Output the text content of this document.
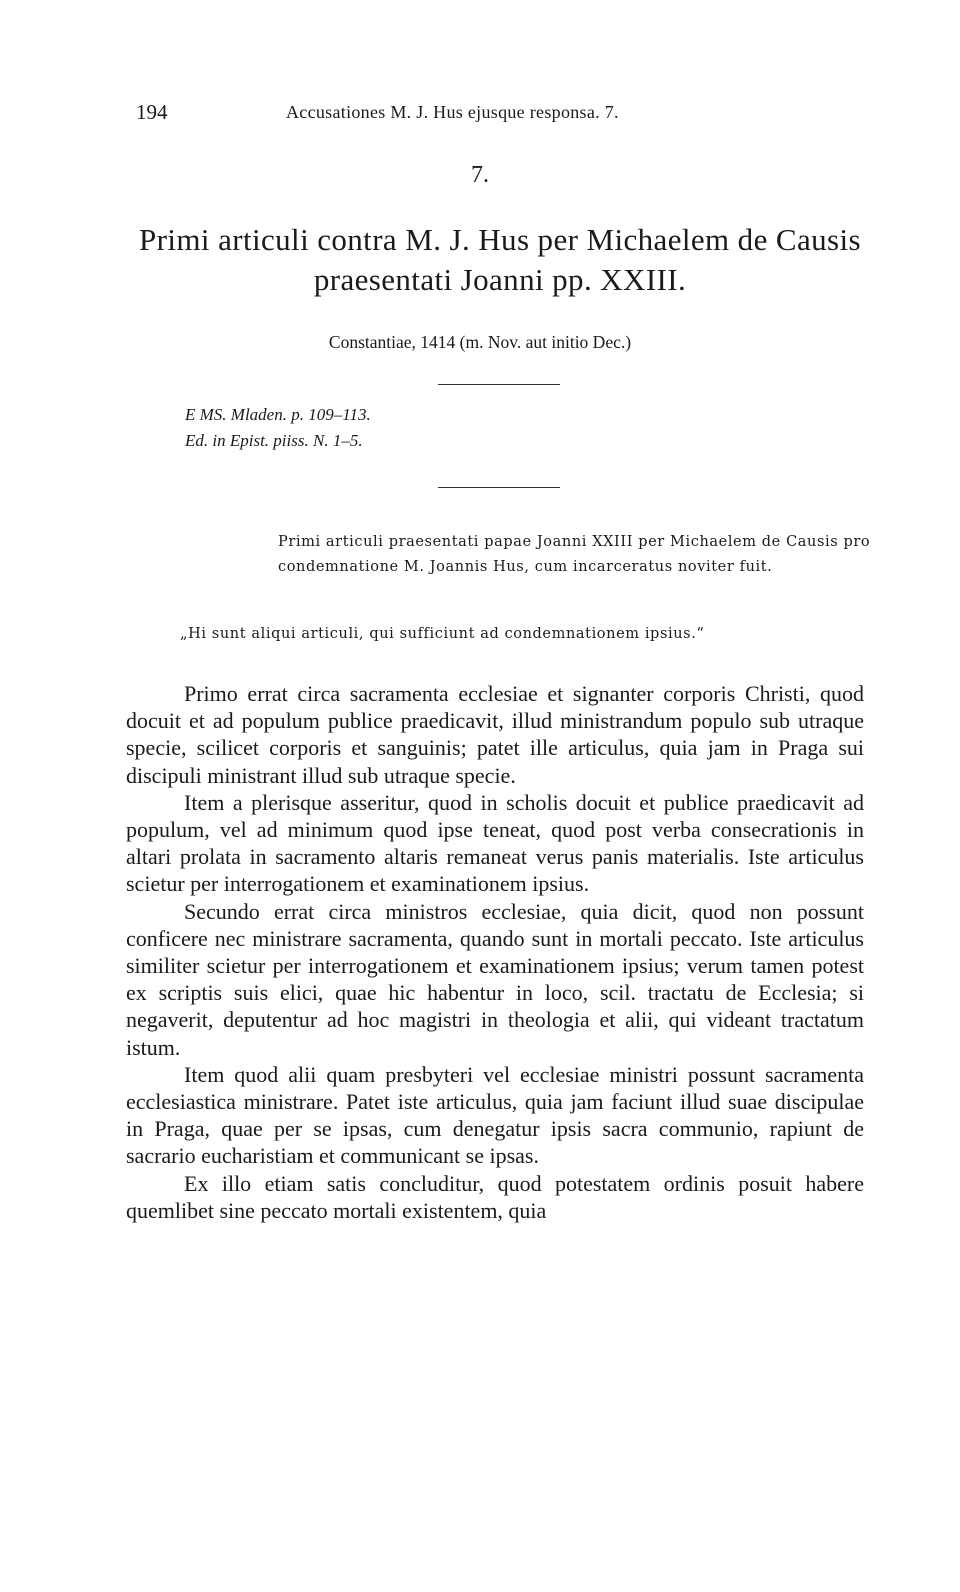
194	Accusationes M. J. Hus ejusque responsa. 7.
7.
Primi articuli contra M. J. Hus per Michaelem de Causis praesentati Joanni pp. XXIII.
Constantiae, 1414 (m. Nov. aut initio Dec.)
E MS. Mladen. p. 109–113.
Ed. in Epist. piiss. N. 1–5.
Primi articuli praesentati papae Joanni XXIII per Michaelem de Causis pro condemnatione M. Joannis Hus, cum incarceratus noviter fuit.
„Hi sunt aliqui articuli, qui sufficiunt ad condemnationem ipsius.“

Primo errat circa sacramenta ecclesiae et signanter corporis Christi, quod docuit et ad populum publice praedicavit, illud ministrandum populo sub utraque specie, scilicet corporis et sanguinis; patet ille articulus, quia jam in Praga sui discipuli ministrant illud sub utraque specie.

Item a plerisque asseritur, quod in scholis docuit et publice praedicavit ad populum, vel ad minimum quod ipse teneat, quod post verba consecrationis in altari prolata in sacramento altaris remaneat verus panis materialis. Iste articulus scietur per interrogationem et examinationem ipsius.

Secundo errat circa ministros ecclesiae, quia dicit, quod non possunt conficere nec ministrare sacramenta, quando sunt in mortali peccato. Iste articulus similiter scietur per interrogationem et examinationem ipsius; verum tamen potest ex scriptis suis elici, quae hic habentur in loco, scil. tractatu de Ecclesia; si negaverit, deputentur ad hoc magistri in theologia et alii, qui videant tractatum istum.

Item quod alii quam presbyteri vel ecclesiae ministri possunt sacramenta ecclesiastica ministrare. Patet iste articulus, quia jam faciunt illud suae discipulae in Praga, quae per se ipsas, cum denegatur ipsis sacra communio, rapiunt de sacrario eucharistiam et communicant se ipsas.

Ex illo etiam satis concluditur, quod potestatem ordinis posuit habere quemlibet sine peccato mortali existentem, quia
